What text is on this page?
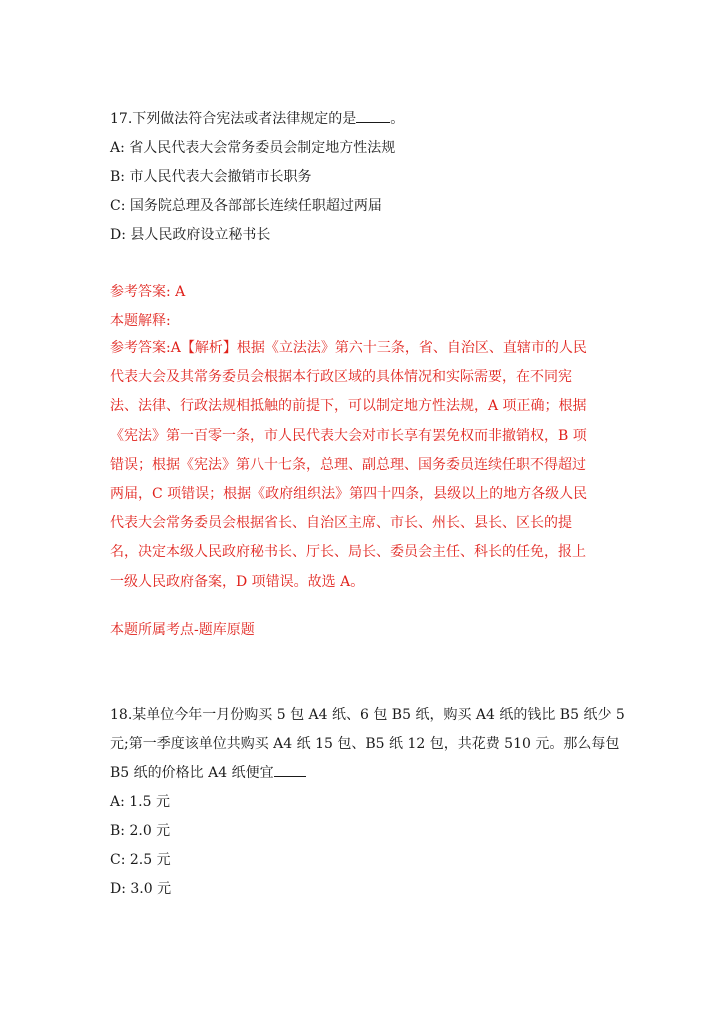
17.下列做法符合宪法或者法律规定的是 。
A: 省人民代表大会常务委员会制定地方性法规
B: 市人民代表大会撤销市长职务
C: 国务院总理及各部部长连续任职超过两届
D: 县人民政府设立秘书长
参考答案: A
本题解释:
参考答案:A【解析】根据《立法法》第六十三条，省、自治区、直辖市的人民
代表大会及其常务委员会根据本行政区域的具体情况和实际需要，在不同宪
法、法律、行政法规相抵触的前提下，可以制定地方性法规，A 项正确；根据
《宪法》第一百零一条，市人民代表大会对市长享有罢免权而非撤销权，B 项
错误；根据《宪法》第八十七条，总理、副总理、国务委员连续任职不得超过
两届，C 项错误；根据《政府组织法》第四十四条，县级以上的地方各级人民
代表大会常务委员会根据省长、自治区主席、市长、州长、县长、区长的提
名，决定本级人民政府秘书长、厅长、局长、委员会主任、科长的任免，报上
一级人民政府备案，D 项错误。故选 A。
本题所属考点-题库原题
18.某单位今年一月份购买 5 包 A4 纸、6 包 B5 纸，购买 A4 纸的钱比 B5 纸少 5
元;第一季度该单位共购买 A4 纸 15 包、B5 纸 12 包，共花费 510 元。那么每包
B5 纸的价格比 A4 纸便宜
A: 1.5 元
B: 2.0 元
C: 2.5 元
D: 3.0 元
